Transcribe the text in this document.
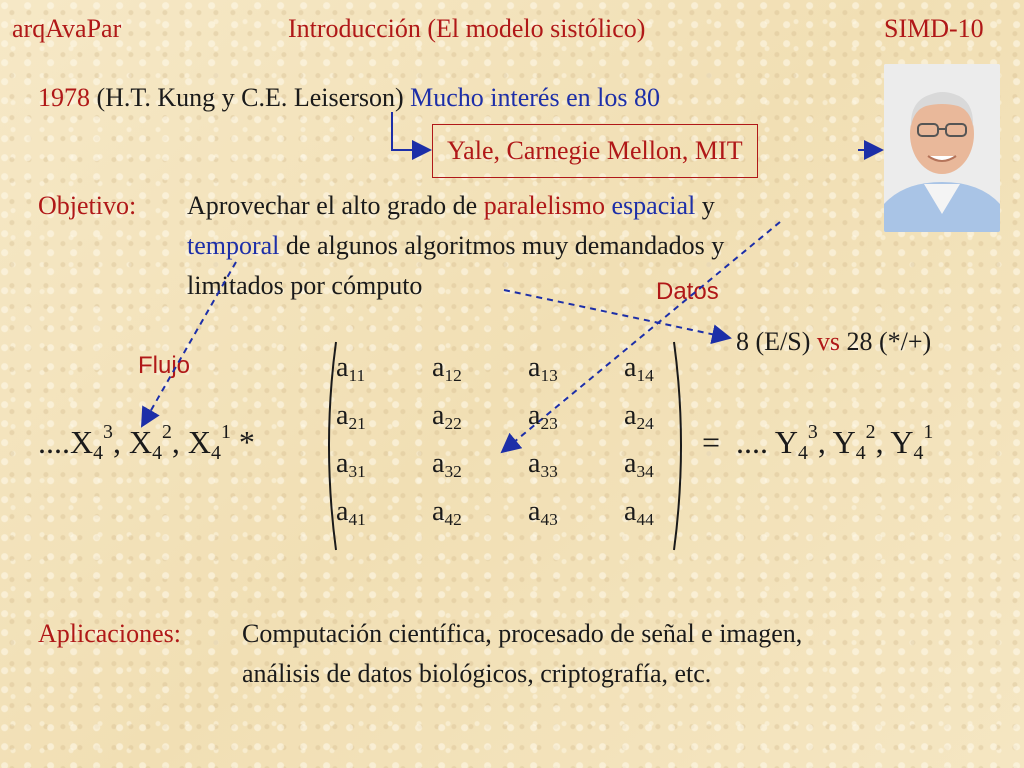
arqAvaPar	Introducción (El modelo sistólico)	SIMD-10
1978 (H.T. Kung y C.E. Leiserson) Mucho interés en los 80
Yale, Carnegie Mellon, MIT
Objetivo: Aprovechar el alto grado de paralelismo espacial y
temporal de algunos algoritmos muy demandados y
limitados por cómputo	Datos
Flujo
8 (E/S) vs 28 (*/+)
$....X_4^3$, $X_4^2$, $X_4^1$ *
$a_{11}$	$a_{12}$	$a_{13}$	$a_{14}$
$a_{21}$	$a_{22}$	$a_{23}$	$a_{24}$
$a_{31}$	$a_{32}$	$a_{33}$	$a_{34}$
$a_{41}$	$a_{42}$	$a_{43}$	$a_{44}$
= .... $Y_4^3$, $Y_4^2$, $Y_4^1$
Aplicaciones: Computación científica, procesado de señal e imagen,
análisis de datos biológicos, criptografía, etc.
